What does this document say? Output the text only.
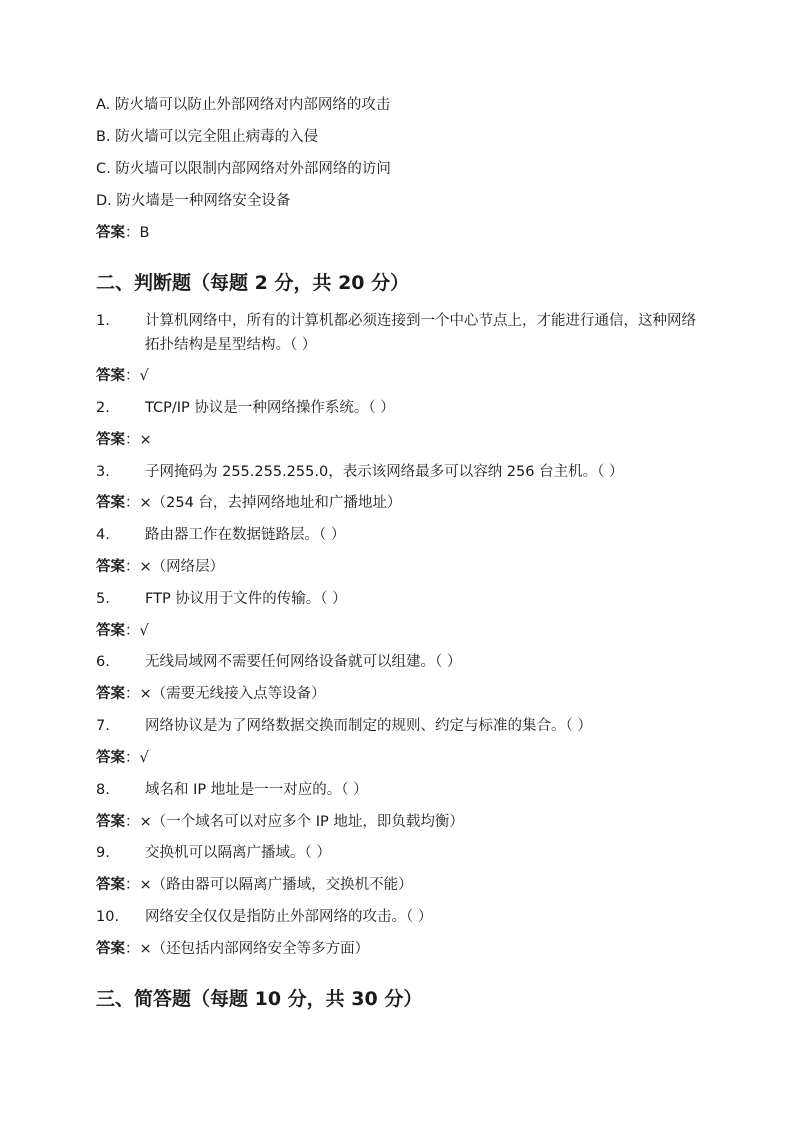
A. 防火墙可以防止外部网络对内部网络的攻击
B. 防火墙可以完全阻止病毒的入侵
C. 防火墙可以限制内部网络对外部网络的访问
D. 防火墙是一种网络安全设备
答案：B
二、判断题（每题 2 分，共 20 分）
1. 计算机网络中，所有的计算机都必须连接到一个中心节点上，才能进行通信，这种网络拓扑结构是星型结构。（ ）
答案：√
2. TCP/IP 协议是一种网络操作系统。（ ）
答案：×
3. 子网掩码为 255.255.255.0，表示该网络最多可以容纳 256 台主机。（ ）
答案：×（254 台，去掉网络地址和广播地址）
4. 路由器工作在数据链路层。（ ）
答案：×（网络层）
5. FTP 协议用于文件的传输。（ ）
答案：√
6. 无线局域网不需要任何网络设备就可以组建。（ ）
答案：×（需要无线接入点等设备）
7. 网络协议是为了网络数据交换而制定的规则、约定与标准的集合。（ ）
答案：√
8. 域名和 IP 地址是一一对应的。（ ）
答案：×（一个域名可以对应多个 IP 地址，即负载均衡）
9. 交换机可以隔离广播域。（ ）
答案：×（路由器可以隔离广播域，交换机不能）
10. 网络安全仅仅是指防止外部网络的攻击。（ ）
答案：×（还包括内部网络安全等多方面）
三、简答题（每题 10 分，共 30 分）
